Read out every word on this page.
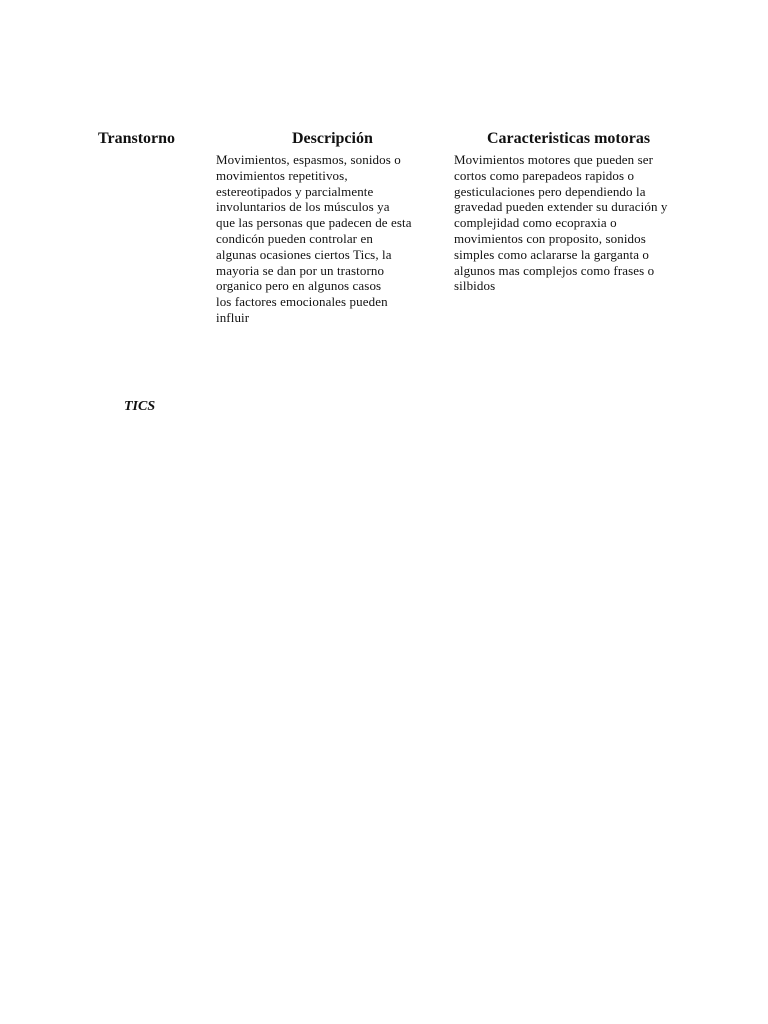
Transtorno	Descripción	Caracteristicas motoras
Movimientos, espasmos, sonidos o
movimientos repetitivos,
estereotipados y parcialmente
involuntarios de los músculos ya
que las personas que padecen de esta
condicón pueden controlar en
algunas ocasiones ciertos Tics, la
mayoria se dan por un trastorno
organico pero en algunos casos
los factores emocionales pueden
influir
Movimientos motores que pueden ser
cortos como parepadeos rapidos o
gesticulaciones pero dependiendo la
gravedad pueden extender su duración y
complejidad como ecopraxia o
movimientos con proposito, sonidos
simples como aclararse la garganta o
algunos mas complejos como frases o
silbidos
TICS
